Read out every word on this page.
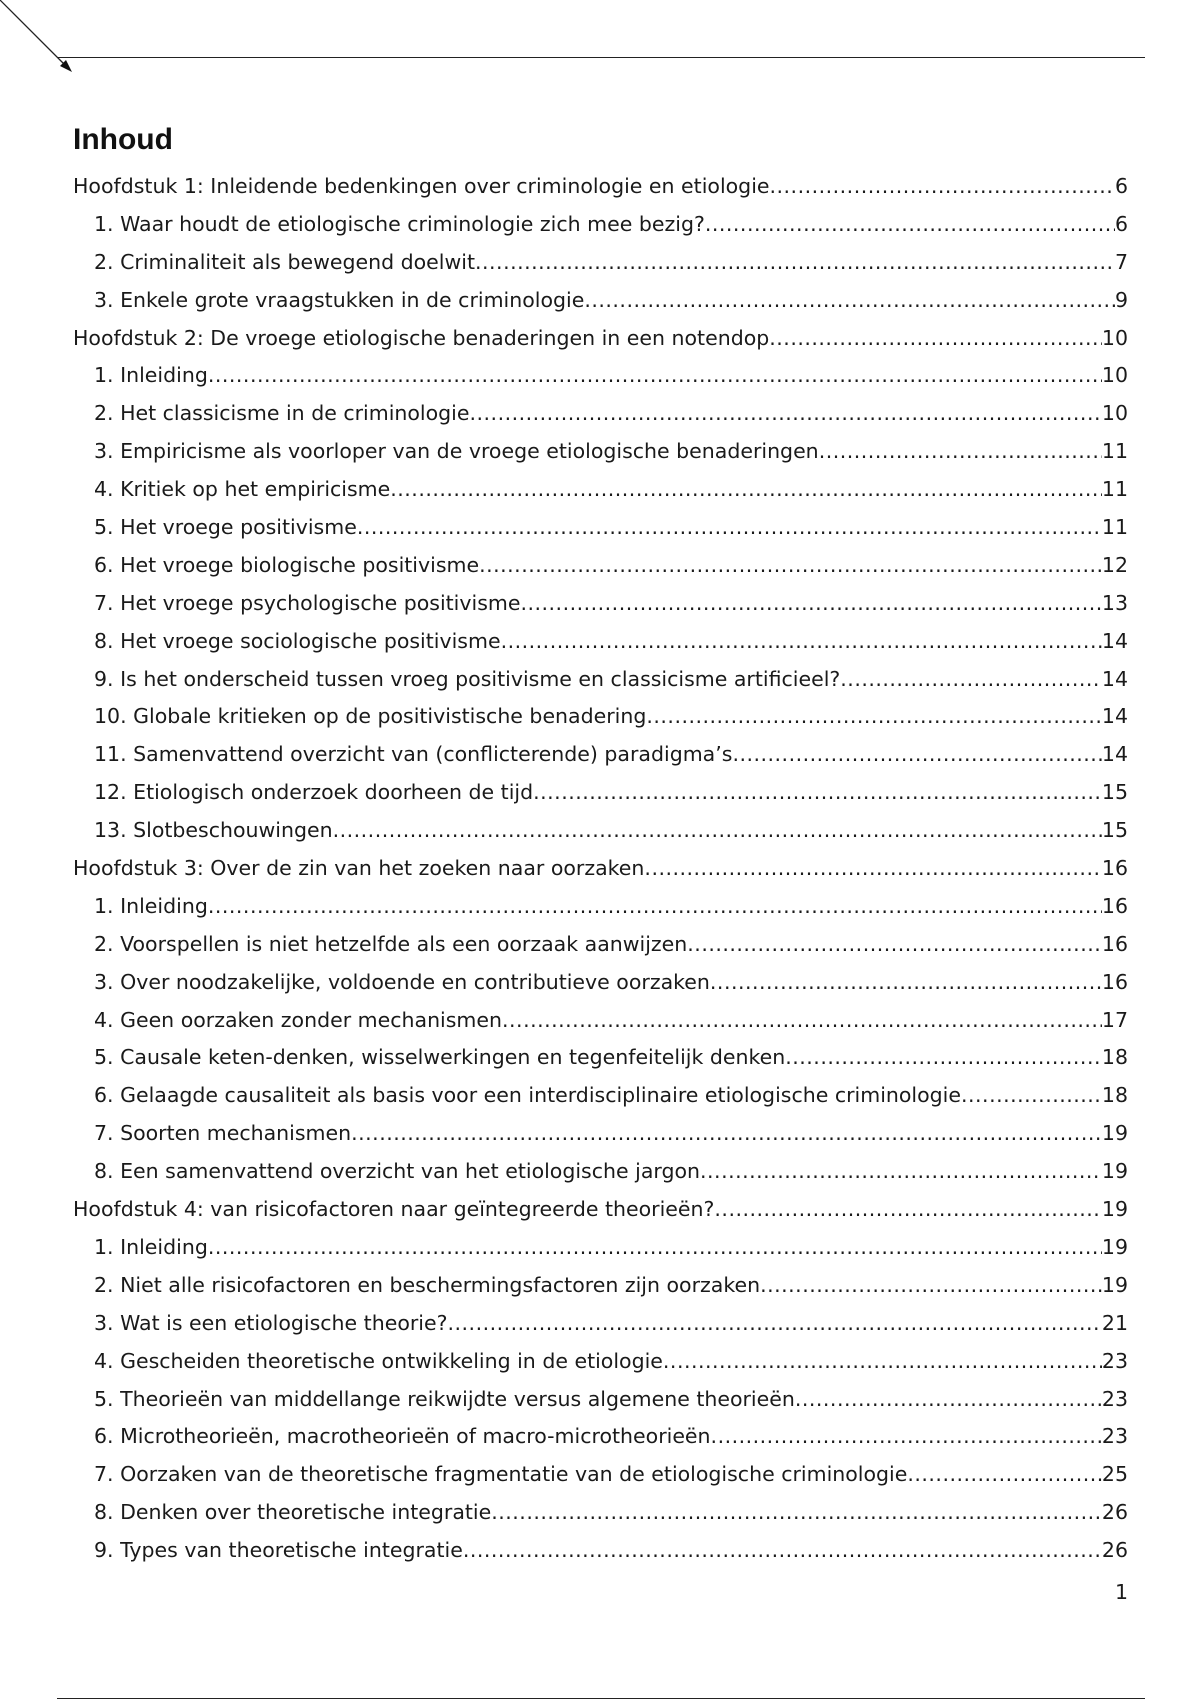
Inhoud
Hoofdstuk 1: Inleidende bedenkingen over criminologie en etiologie .....	6
1. Waar houdt de etiologische criminologie zich mee bezig? .....	6
2. Criminaliteit als bewegend doelwit .....	7
3. Enkele grote vraagstukken in de criminologie .....	9
Hoofdstuk 2: De vroege etiologische benaderingen in een notendop .....	10
1. Inleiding .....	10
2. Het classicisme in de criminologie .....	10
3. Empiricisme als voorloper van de vroege etiologische benaderingen .....	11
4. Kritiek op het empiricisme .....	11
5. Het vroege positivisme .....	11
6. Het vroege biologische positivisme .....	12
7. Het vroege psychologische positivisme .....	13
8. Het vroege sociologische positivisme .....	14
9. Is het onderscheid tussen vroeg positivisme en classicisme artificieel? .....	14
10. Globale kritieken op de positivistische benadering .....	14
11. Samenvattend overzicht van (conflicterende) paradigma’s .....	14
12. Etiologisch onderzoek doorheen de tijd .....	15
13. Slotbeschouwingen .....	15
Hoofdstuk 3: Over de zin van het zoeken naar oorzaken .....	16
1. Inleiding .....	16
2. Voorspellen is niet hetzelfde als een oorzaak aanwijzen .....	16
3. Over noodzakelijke, voldoende en contributieve oorzaken .....	16
4. Geen oorzaken zonder mechanismen .....	17
5. Causale keten-denken, wisselwerkingen en tegenfeitelijk denken .....	18
6. Gelaagde causaliteit als basis voor een interdisciplinaire etiologische criminologie .....	18
7. Soorten mechanismen .....	19
8. Een samenvattend overzicht van het etiologische jargon .....	19
Hoofdstuk 4: van risicofactoren naar geïntegreerde theorieën? .....	19
1. Inleiding .....	19
2. Niet alle risicofactoren en beschermingsfactoren zijn oorzaken .....	19
3. Wat is een etiologische theorie? .....	21
4. Gescheiden theoretische ontwikkeling in de etiologie .....	23
5. Theorieën van middellange reikwijdte versus algemene theorieën .....	23
6. Microtheorieën, macrotheorieën of macro-microtheorieën .....	23
7. Oorzaken van de theoretische fragmentatie van de etiologische criminologie .....	25
8. Denken over theoretische integratie .....	26
9. Types van theoretische integratie .....	26
1
